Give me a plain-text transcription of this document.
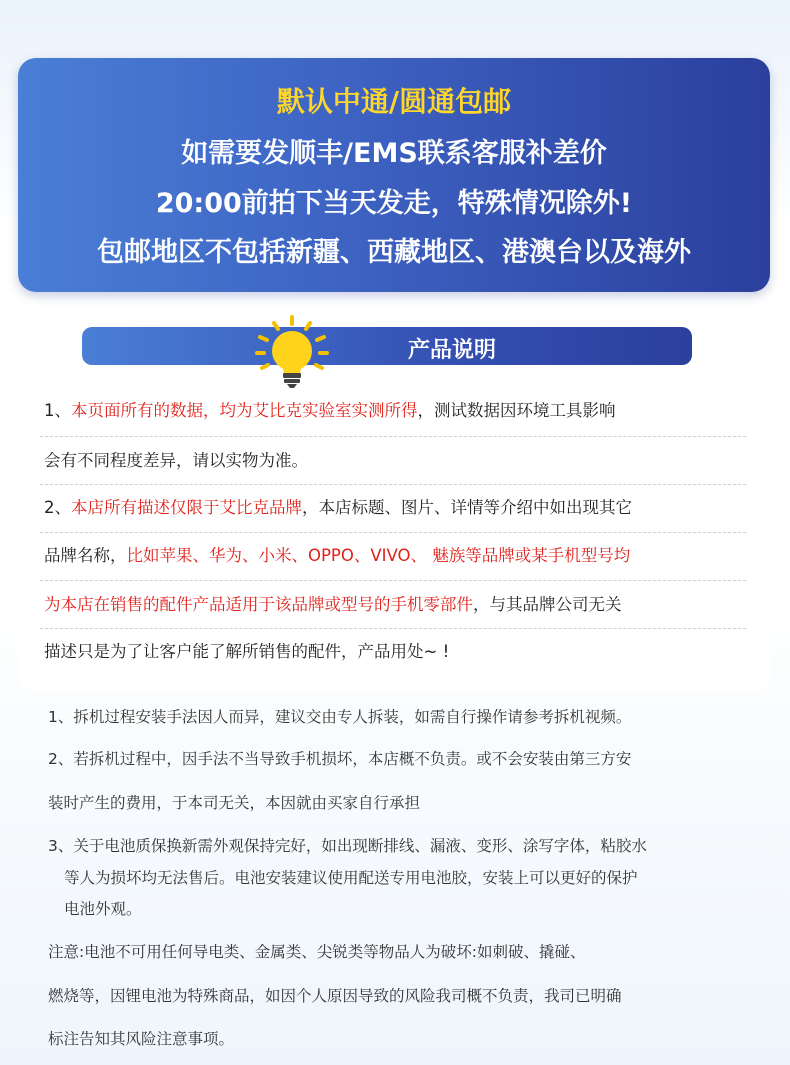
默认中通/圆通包邮
如需要发顺丰/EMS联系客服补差价
20:00前拍下当天发走，特殊情况除外!
包邮地区不包括新疆、西藏地区、港澳台以及海外
产品说明
1、本页面所有的数据，均为艾比克实验室实测所得，测试数据因环境工具影响
会有不同程度差异，请以实物为准。
2、本店所有描述仅限于艾比克品牌，本店标题、图片、详情等介绍中如出现其它
品牌名称，比如苹果、华为、小米、OPPO、VIVO、 魅族等品牌或某手机型号均
为本店在销售的配件产品适用于该品牌或型号的手机零部件，与其品牌公司无关
描述只是为了让客户能了解所销售的配件，产品用处~ !

1、拆机过程安装手法因人而异，建议交由专人拆装，如需自行操作请参考拆机视频。

2、若拆机过程中，因手法不当导致手机损坏，本店概不负责。或不会安装由第三方安

装时产生的费用，于本司无关，本因就由买家自行承担

3、关于电池质保换新需外观保持完好，如出现断排线、漏液、变形、涂写字体，粘胶水

等人为损坏均无法售后。电池安装建议使用配送专用电池胶，安装上可以更好的保护

电池外观。

注意:电池不可用任何导电类、金属类、尖锐类等物品人为破坏:如刺破、撬碰、

燃烧等，因锂电池为特殊商品，如因个人原因导致的风险我司概不负责，我司已明确

标注告知其风险注意事项。
